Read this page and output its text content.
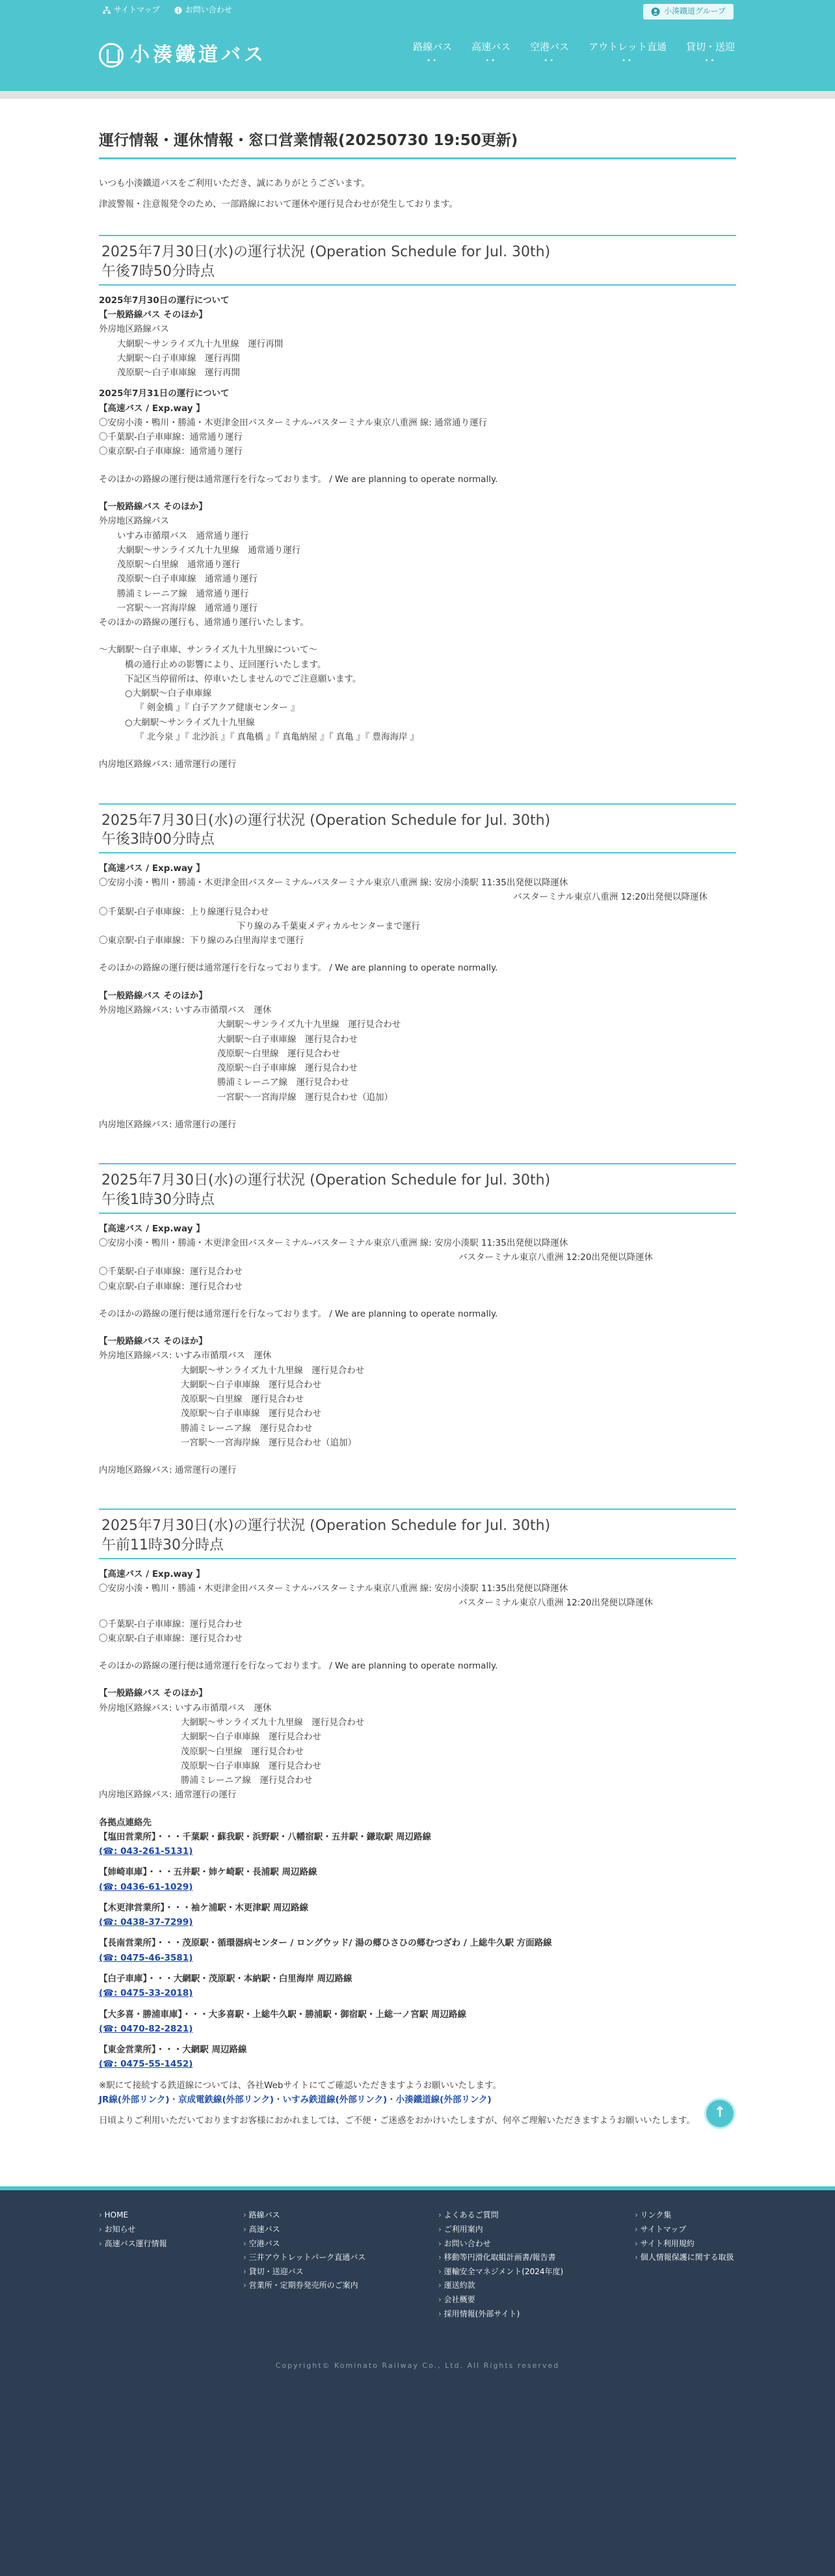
サイトマップ	お問い合わせ	小湊鐵道グループ
小湊鐵道バス	路線バス
••
高速バス
••
空港バス
••
アウトレット直通
••
貸切・送迎
••
運行情報・運休情報・窓口営業情報(20250730 19:50更新)

いつも小湊鐵道バスをご利用いただき、誠にありがとうございます。

津波警報・注意報発令のため、一部路線において運休や運行見合わせが発生しております。

2025年7月30日(水)の運行状況 (Operation Schedule for Jul. 30th)
午後7時50分時点
2025年7月30日の運行について
【一般路線バス そのほか】
外房地区路線バス
大網駅〜サンライズ九十九里線　運行再開
大網駅〜白子車庫線　運行再開
茂原駅〜白子車庫線　運行再開
2025年7月31日の運行について
【高速バス / Exp.way 】
〇安房小湊・鴨川・勝浦・木更津金田バスターミナル-バスターミナル東京八重洲 線: 通常通り運行
〇千葉駅-白子車庫線：通常通り運行
〇東京駅-白子車庫線：通常通り運行
そのほかの路線の運行便は通常運行を行なっております。 / We are planning to operate normally.
【一般路線バス そのほか】
外房地区路線バス
いすみ市循環バス　通常通り運行
大網駅〜サンライズ九十九里線　通常通り運行
茂原駅〜白里線　通常通り運行
茂原駅〜白子車庫線　通常通り運行
勝浦ミレーニア線　通常通り運行
一宮駅〜一宮海岸線　通常通り運行
そのほかの路線の運行も、通常通り運行いたします。
〜大網駅〜白子車庫、サンライズ九十九里線について〜
橋の通行止めの影響により、迂回運行いたします。
下記区当停留所は、停車いたしませんのでご注意願います。
○大網駅〜白子車庫線
『 剣金橋 』『 白子アクア健康センター 』
○大網駅〜サンライズ九十九里線
『 北今泉 』『 北沙浜 』『 真亀橋 』『 真亀納屋 』『 真亀 』『 豊海海岸 』
内房地区路線バス: 通常運行の運行
2025年7月30日(水)の運行状況 (Operation Schedule for Jul. 30th)
午後3時00分時点
【高速バス / Exp.way 】
〇安房小湊・鴨川・勝浦・木更津金田バスターミナル-バスターミナル東京八重洲 線: 安房小湊駅 11:35出発便以降運休
バスターミナル東京八重洲 12:20出発便以降運休
〇千葉駅-白子車庫線：上り線運行見合わせ
下り線のみ千葉東メディカルセンターまで運行
〇東京駅-白子車庫線：下り線のみ白里海岸まで運行
そのほかの路線の運行便は通常運行を行なっております。 / We are planning to operate normally.
【一般路線バス そのほか】
外房地区路線バス: いすみ市循環バス　運休
大網駅〜サンライズ九十九里線　運行見合わせ
大網駅〜白子車庫線　運行見合わせ
茂原駅〜白里線　運行見合わせ
茂原駅〜白子車庫線　運行見合わせ
勝浦ミレーニア線　運行見合わせ
一宮駅〜一宮海岸線　運行見合わせ（追加）
内房地区路線バス: 通常運行の運行
2025年7月30日(水)の運行状況 (Operation Schedule for Jul. 30th)
午後1時30分時点
【高速バス / Exp.way 】
〇安房小湊・鴨川・勝浦・木更津金田バスターミナル-バスターミナル東京八重洲 線: 安房小湊駅 11:35出発便以降運休
バスターミナル東京八重洲 12:20出発便以降運休
〇千葉駅-白子車庫線：運行見合わせ
〇東京駅-白子車庫線：運行見合わせ
そのほかの路線の運行便は通常運行を行なっております。 / We are planning to operate normally.
【一般路線バス そのほか】
外房地区路線バス: いすみ市循環バス　運休
大網駅〜サンライズ九十九里線　運行見合わせ
大網駅〜白子車庫線　運行見合わせ
茂原駅〜白里線　運行見合わせ
茂原駅〜白子車庫線　運行見合わせ
勝浦ミレーニア線　運行見合わせ
一宮駅〜一宮海岸線　運行見合わせ（追加）
内房地区路線バス: 通常運行の運行
2025年7月30日(水)の運行状況 (Operation Schedule for Jul. 30th)
午前11時30分時点
【高速バス / Exp.way 】
〇安房小湊・鴨川・勝浦・木更津金田バスターミナル-バスターミナル東京八重洲 線: 安房小湊駅 11:35出発便以降運休
バスターミナル東京八重洲 12:20出発便以降運休
〇千葉駅-白子車庫線：運行見合わせ
〇東京駅-白子車庫線：運行見合わせ
そのほかの路線の運行便は通常運行を行なっております。 / We are planning to operate normally.
【一般路線バス そのほか】
外房地区路線バス: いすみ市循環バス　運休
大網駅〜サンライズ九十九里線　運行見合わせ
大網駅〜白子車庫線　運行見合わせ
茂原駅〜白里線　運行見合わせ
茂原駅〜白子車庫線　運行見合わせ
勝浦ミレーニア線　運行見合わせ
内房地区路線バス: 通常運行の運行
各拠点連絡先
【塩田営業所】・・・千葉駅・蘇我駅・浜野駅・八幡宿駅・五井駅・鎌取駅 周辺路線
(☎: 043-261-5131)
【姉崎車庫】・・・五井駅・姉ケ崎駅・長浦駅 周辺路線
(☎: 0436-61-1029)
【木更津営業所】・・・袖ケ浦駅・木更津駅 周辺路線
(☎: 0438-37-7299)
【長南営業所】・・・茂原駅・循環器病センター / ロングウッド/ 湯の郷ひさひの郷むつざわ / 上総牛久駅 方面路線
(☎: 0475-46-3581)
【白子車庫】・・・大網駅・茂原駅・本納駅・白里海岸 周辺路線
(☎: 0475-33-2018)
【大多喜・勝浦車庫】・・・大多喜駅・上総牛久駅・勝浦駅・御宿駅・上総一ノ宮駅 周辺路線
(☎: 0470-82-2821)
【東金営業所】・・・大網駅 周辺路線
(☎: 0475-55-1452)
※駅にて接続する鉄道線については、各社Webサイトにてご確認いただきますようお願いいたします。
JR線(外部リンク)・京成電鉄線(外部リンク)・いすみ鉄道線(外部リンク)・小湊鐵道線(外部リンク)
日頃よりご利用いただいておりますお客様におかれましては、ご不便・ご迷惑をおかけいたしますが、何卒ご理解いただきますようお願いいたします。
↑
› HOME
› お知らせ
› 高速バス運行情報
› 路線バス
› 高速バス
› 空港バス
› 三井アウトレットパーク直通バス
› 貸切・送迎バス
› 営業所・定期券発売所のご案内
› よくあるご質問
› ご利用案内
› お問い合わせ
› 移動等円滑化取組計画書/報告書
› 運輸安全マネジメント(2024年度)
› 運送約款
› 会社概要
› 採用情報(外部サイト)
› リンク集
› サイトマップ
› サイト利用規約
› 個人情報保護に関する取扱
Copyright© Kominato Railway Co., Ltd. All Rights reserved
